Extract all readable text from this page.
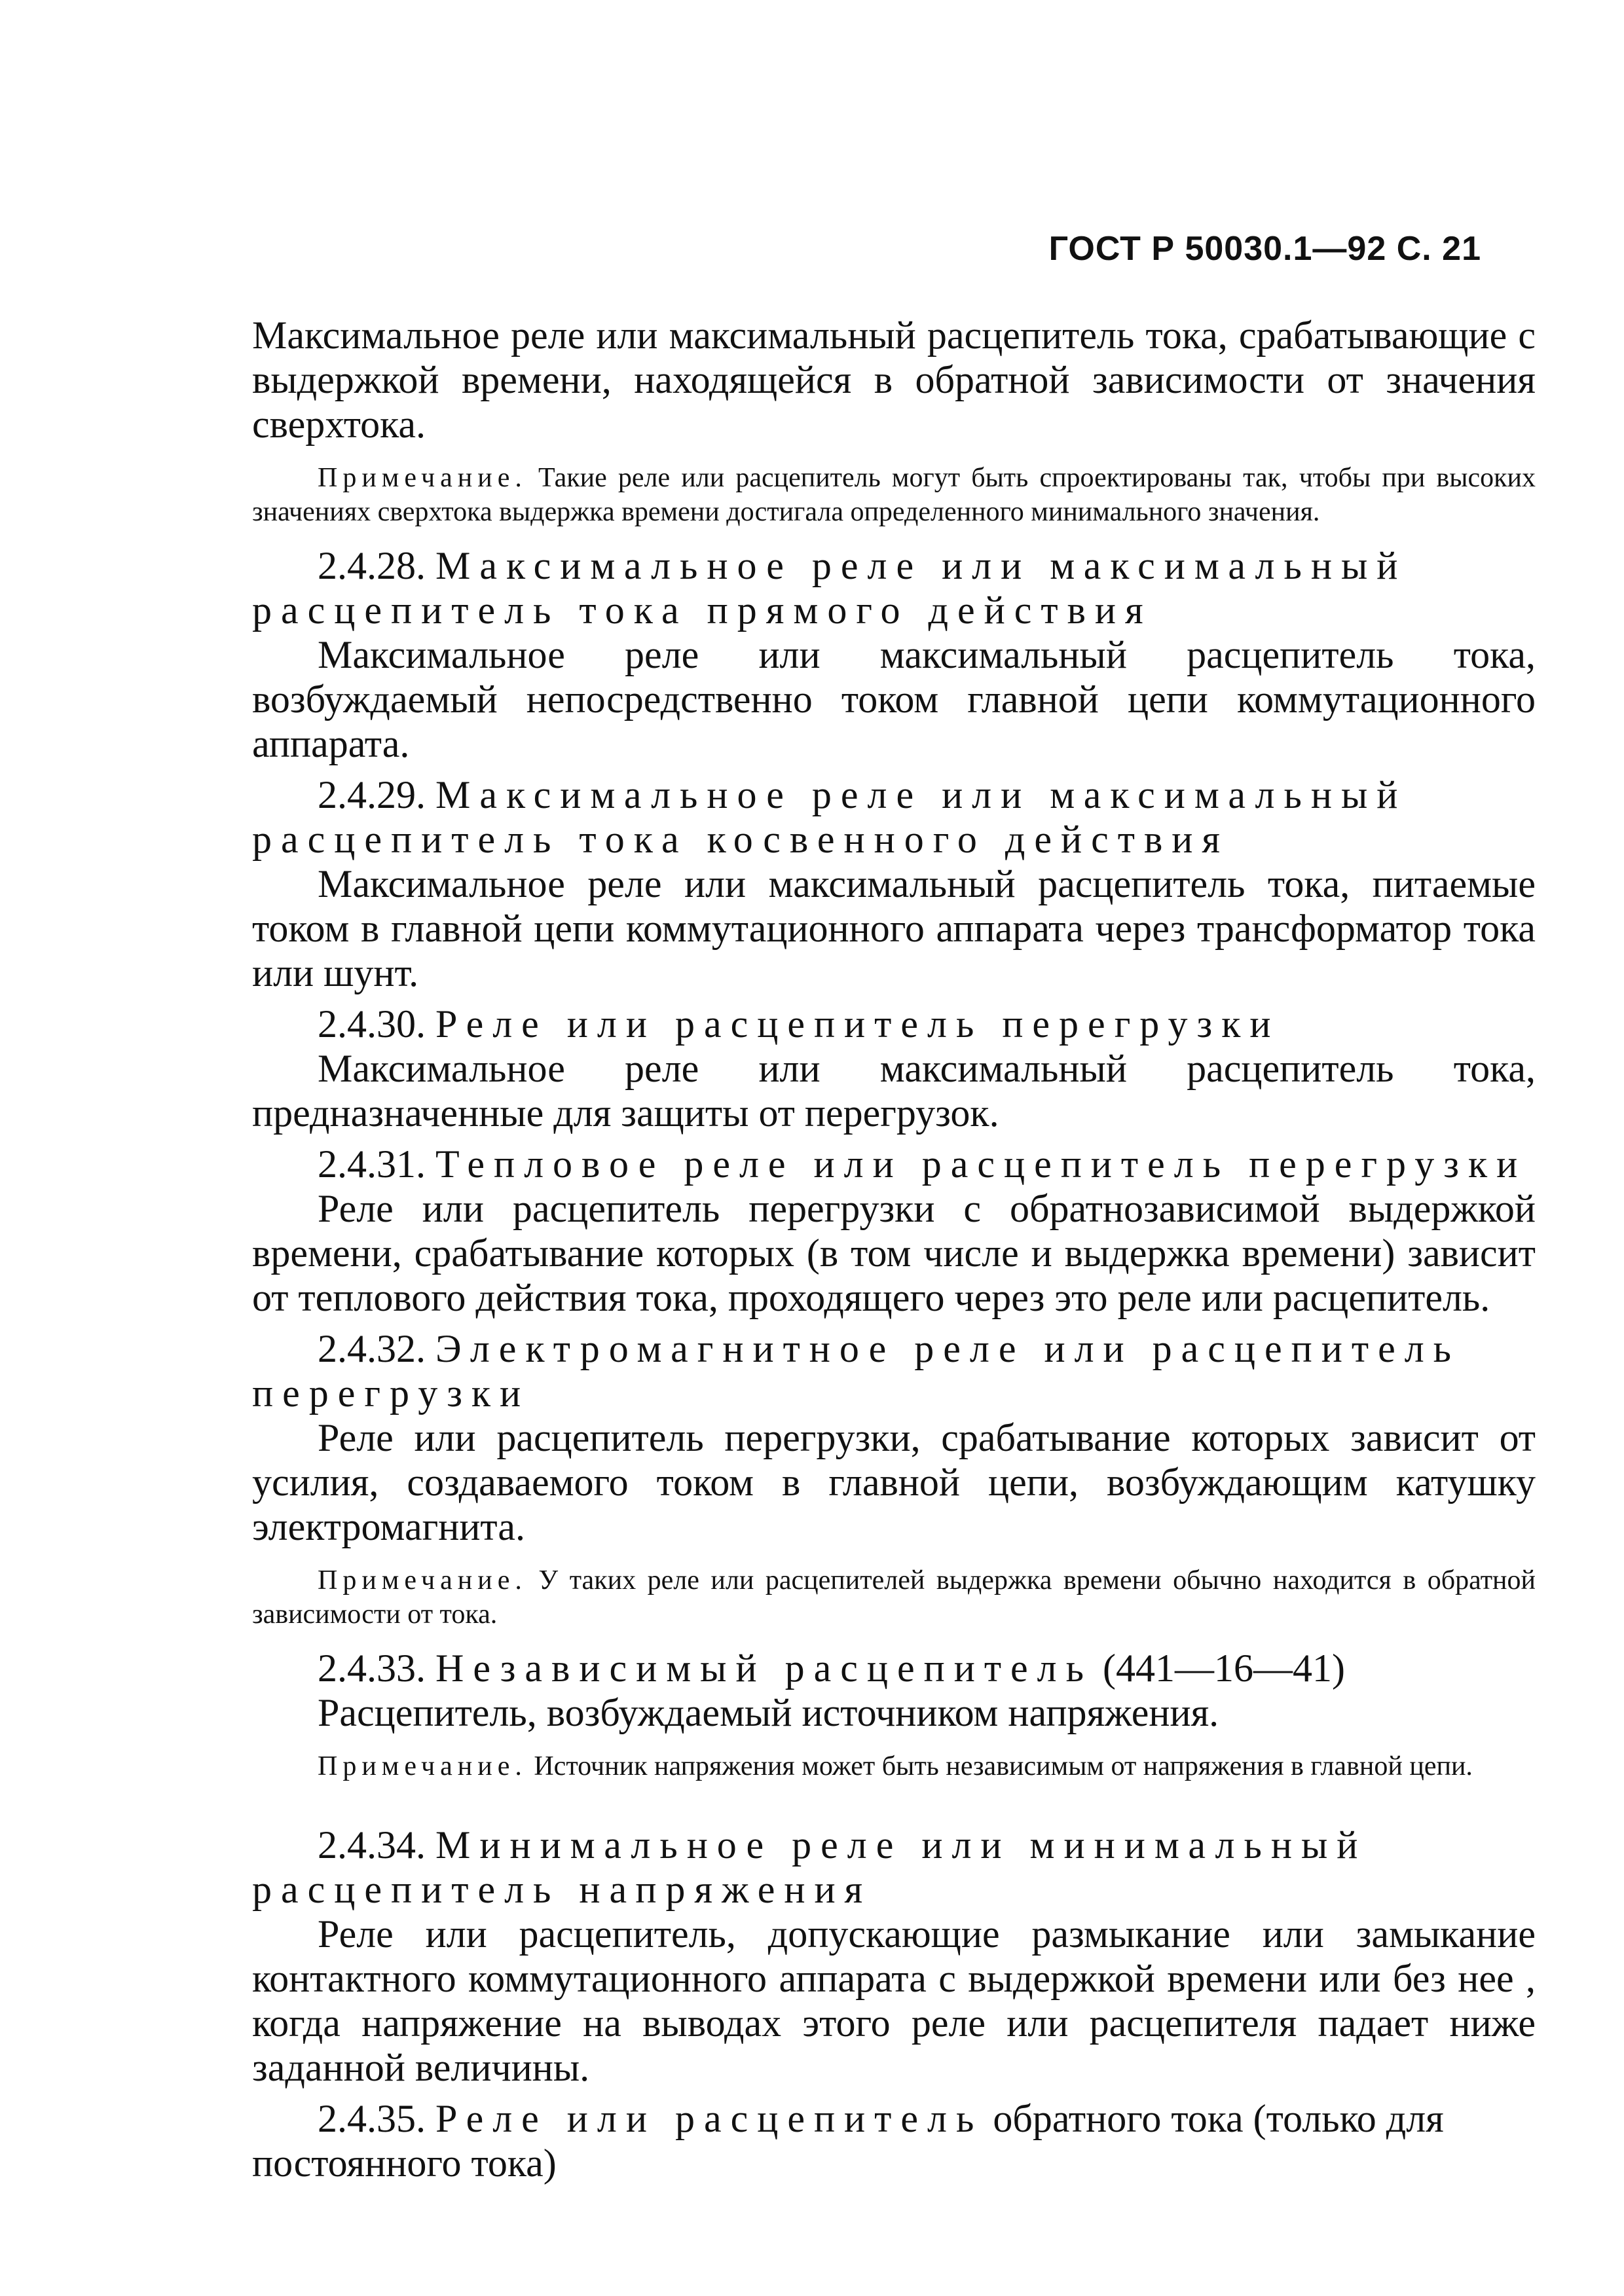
ГОСТ Р 50030.1—92 С. 21

Максимальное реле или максимальный расцепитель тока, срабатывающие с выдержкой времени, находящейся в обратной зависимости от значения сверхтока.

Примечание. Такие реле или расцепитель могут быть спроектированы так, чтобы при высоких значениях сверхтока выдержка времени достигала определенного минимального значения.

2.4.28. Максимальное реле или максимальный расцепитель тока прямого действия

Максимальное реле или максимальный расцепитель тока, возбуждаемый непосредственно током главной цепи коммутационного аппарата.

2.4.29. Максимальное реле или максимальный расцепитель тока косвенного действия

Максимальное реле или максимальный расцепитель тока, питаемые током в главной цепи коммутационного аппарата через трансформатор тока или шунт.

2.4.30. Реле или расцепитель перегрузки

Максимальное реле или максимальный расцепитель тока, предназначенные для защиты от перегрузок.

2.4.31. Тепловое реле или расцепитель перегрузки

Реле или расцепитель перегрузки с обратнозависимой выдержкой времени, срабатывание которых (в том числе и выдержка времени) зависит от теплового действия тока, проходящего через это реле или расцепитель.

2.4.32. Электромагнитное реле или расцепитель перегрузки

Реле или расцепитель перегрузки, срабатывание которых зависит от усилия, создаваемого током в главной цепи, возбуждающим катушку электромагнита.

Примечание. У таких реле или расцепителей выдержка времени обычно находится в обратной зависимости от тока.

2.4.33. Независимый расцепитель (441—16—41)

Расцепитель, возбуждаемый источником напряжения.

Примечание. Источник напряжения может быть независимым от напряжения в главной цепи.

2.4.34. Минимальное реле или минимальный расцепитель напряжения

Реле или расцепитель, допускающие размыкание или замыкание контактного коммутационного аппарата с выдержкой времени или без нее , когда напряжение на выводах этого реле или расцепителя падает ниже заданной величины.

2.4.35. Реле или расцепитель обратного тока (только для постоянного тока)
